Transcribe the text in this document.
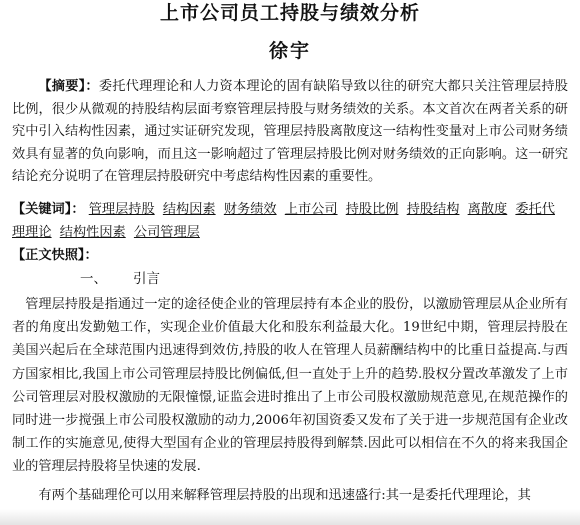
上市公司员工持股与绩效分析
徐宇
【摘要】：委托代理理论和人力资本理论的固有缺陷导致以往的研究大都只关注管理层持股比例，很少从微观的持股结构层面考察管理层持股与财务绩效的关系。本文首次在两者关系的研究中引入结构性因素，通过实证研究发现，管理层持股离散度这一结构性变量对上市公司财务绩效具有显著的负向影响，而且这一影响超过了管理层持股比例对财务绩效的正向影响。这一研究结论充分说明了在管理层持股研究中考虑结构性因素的重要性。
【关键词】： 管理层持股 结构因素 财务绩效 上市公司 持股比例 持股结构 离散度 委托代理理论 结构性因素 公司管理层
【正文快照】：
一、 引言
管理层持股是指通过一定的途径使企业的管理层持有本企业的股份，以激励管理层从企业所有者的角度出发勤勉工作，实现企业价值最大化和股东利益最大化。19世纪中期，管理层持股在美国兴起后在全球范围内迅速得到效仿,持股的收人在管理人员薪酬结构中的比重日益提高.与西方国家相比,我国上市公司管理层持股比例偏低,但一直处于上升的趋势.股权分置改革激发了上市公司管理层对股权激励的无限憧憬,证监会进时推出了上市公司股权激励规范意见,在规范操作的同时进一步搅强上市公司股权激励的动力,2006年初国资委又发布了关于进一步规范国有企业改制工作的实施意见,使得大型国有企业的管理层持股得到解禁.因此可以相信在不久的将来我国企业的管理层持股将呈快速的发展.
有两个基础理伦可以用来解释管理层持股的出现和迅速盛行:其一是委托代理理论，其
